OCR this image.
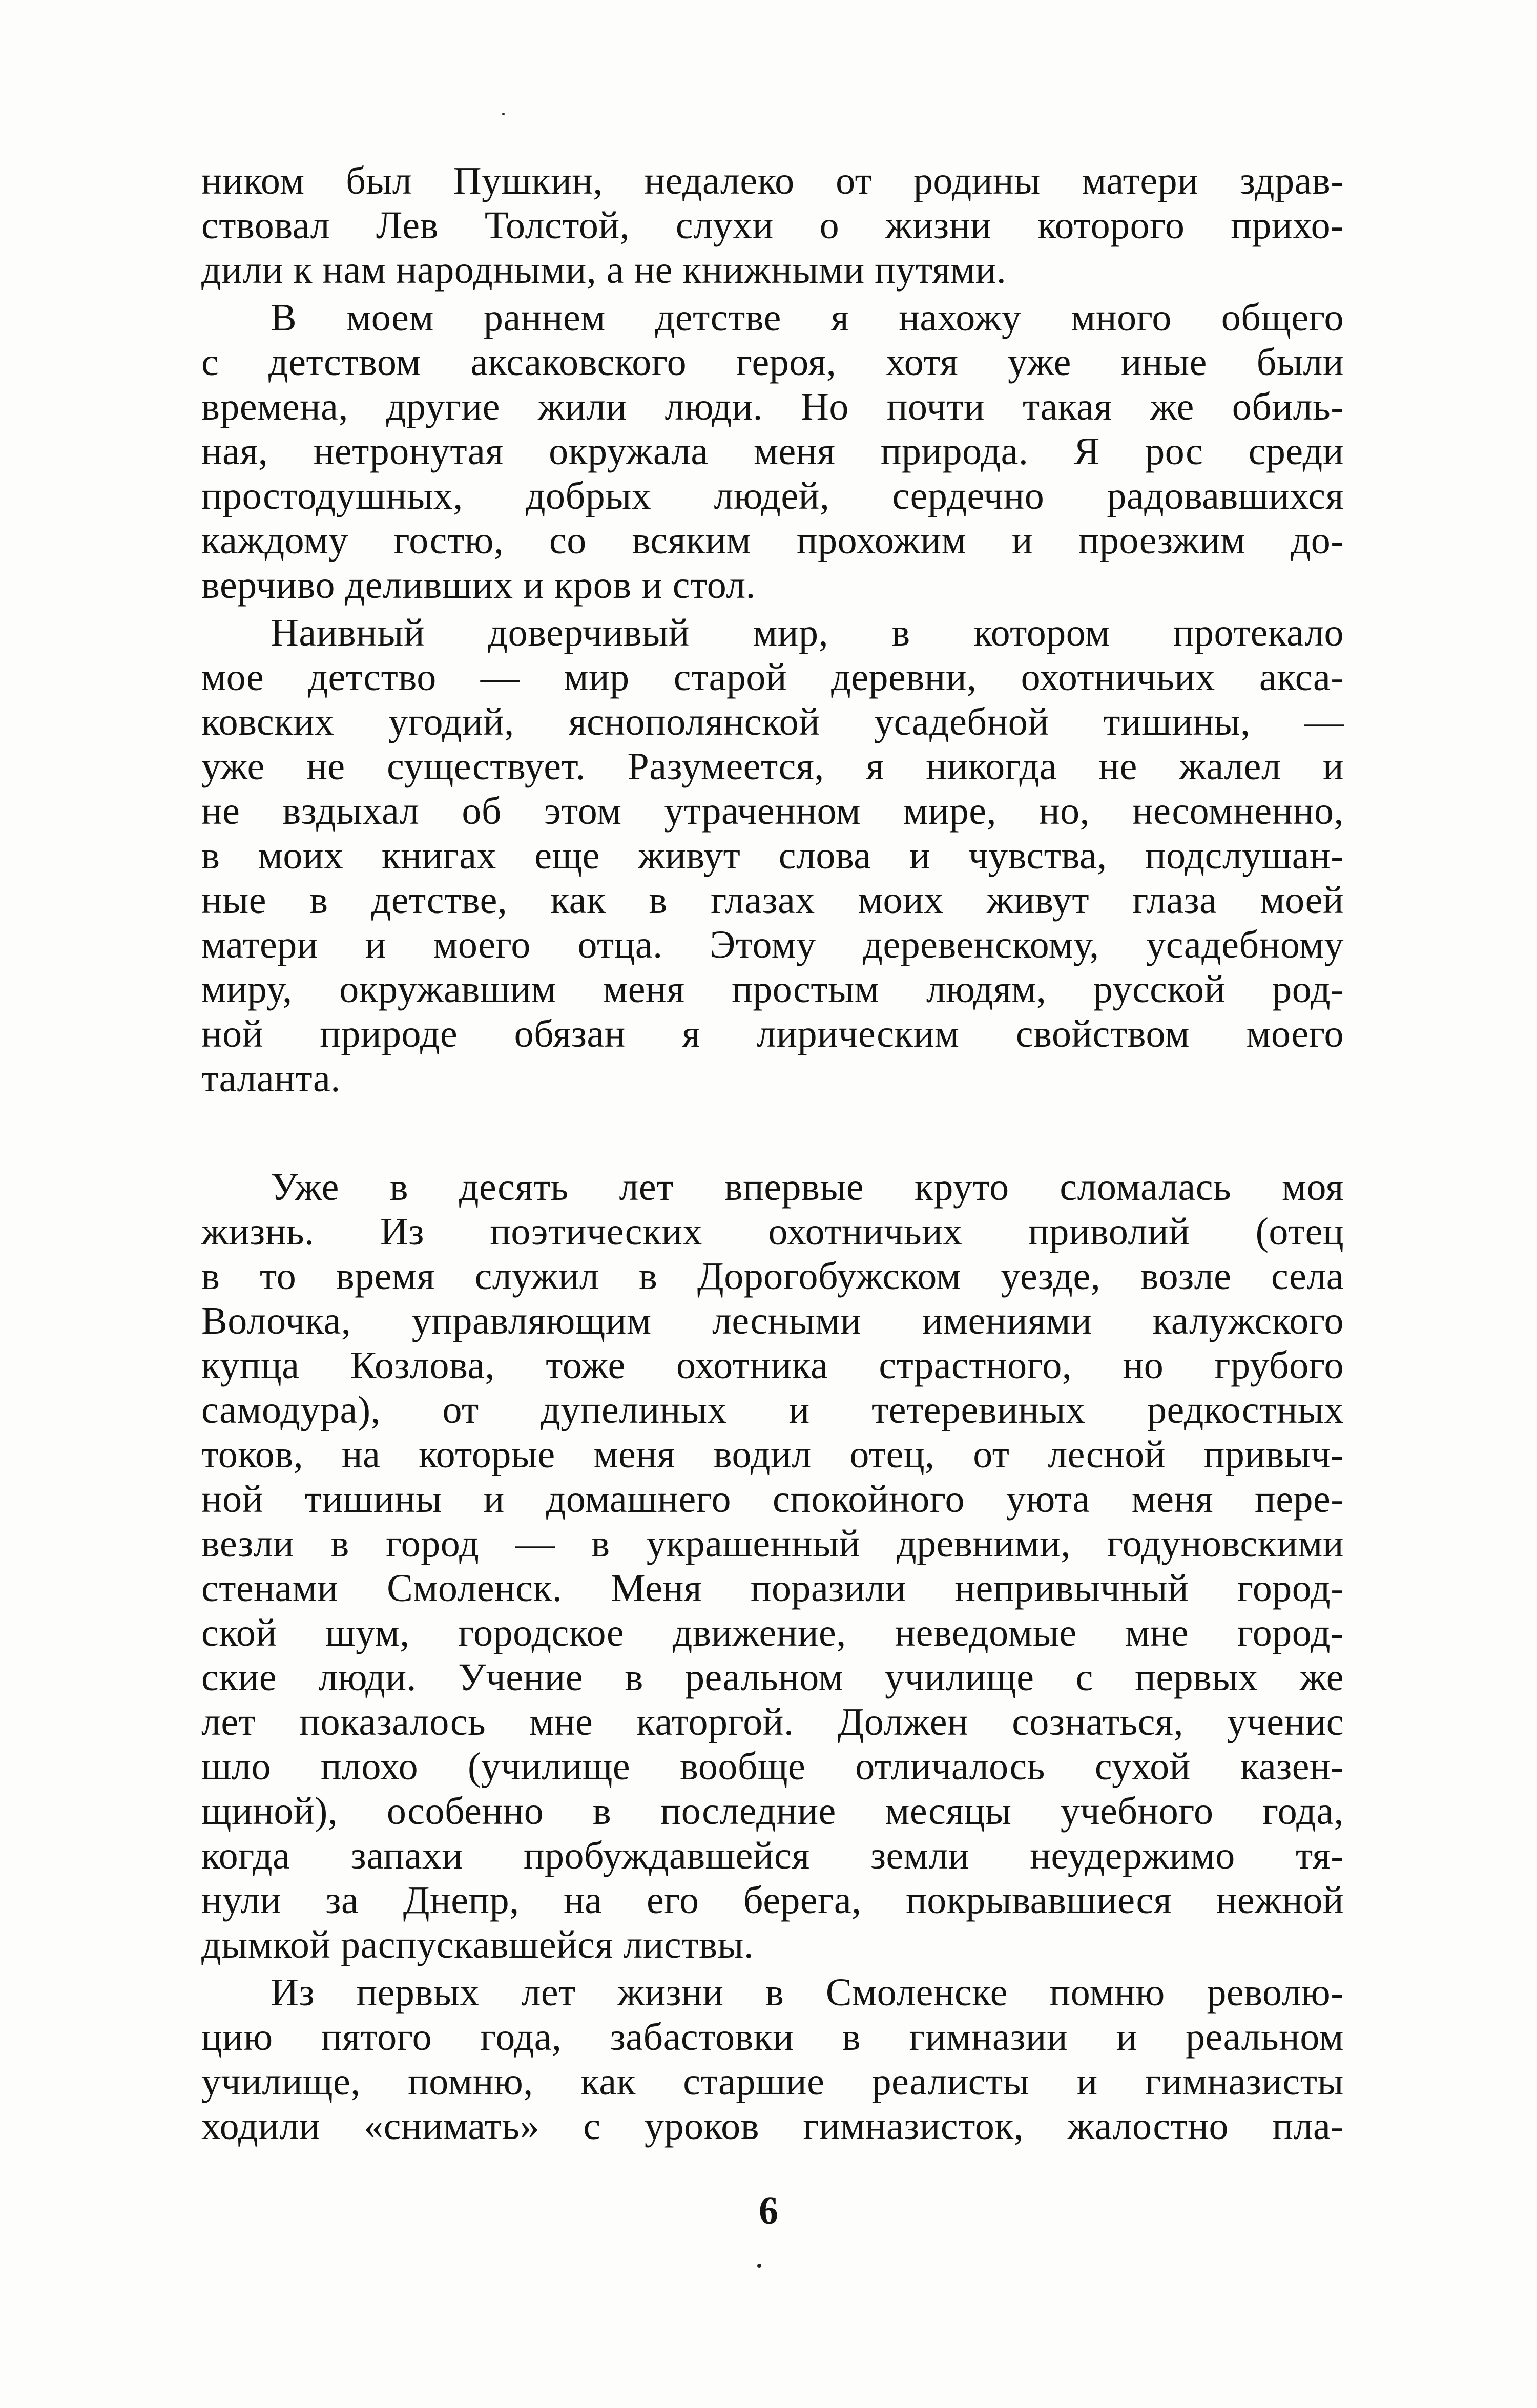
ником был Пушкин, недалеко от родины матери здрав-
ствовал Лев Толстой, слухи о жизни которого прихо-
дили к нам народными, а не книжными путями.
В моем раннем детстве я нахожу много общего
с детством аксаковского героя, хотя уже иные были
времена, другие жили люди. Но почти такая же обиль-
ная, нетронутая окружала меня природа. Я рос среди
простодушных, добрых людей, сердечно радовавшихся
каждому гостю, со всяким прохожим и проезжим до-
верчиво деливших и кров и стол.
Наивный доверчивый мир, в котором протекало
мое детство — мир старой деревни, охотничьих акса-
ковских угодий, яснополянской усадебной тишины, —
уже не существует. Разумеется, я никогда не жалел и
не вздыхал об этом утраченном мире, но, несомненно,
в моих книгах еще живут слова и чувства, подслушан-
ные в детстве, как в глазах моих живут глаза моей
матери и моего отца. Этому деревенскому, усадебному
миру, окружавшим меня простым людям, русской род-
ной природе обязан я лирическим свойством моего
таланта.
Уже в десять лет впервые круто сломалась моя
жизнь. Из поэтических охотничьих приволий (отец
в то время служил в Дорогобужском уезде, возле села
Волочка, управляющим лесными имениями калужского
купца Козлова, тоже охотника страстного, но грубого
самодура), от дупелиных и тетеревиных редкостных
токов, на которые меня водил отец, от лесной привыч-
ной тишины и домашнего спокойного уюта меня пере-
везли в город — в украшенный древними, годуновскими
стенами Смоленск. Меня поразили непривычный город-
ской шум, городское движение, неведомые мне город-
ские люди. Учение в реальном училище с первых же
лет показалось мне каторгой. Должен сознаться, ученис
шло плохо (училище вообще отличалось сухой казен-
щиной), особенно в последние месяцы учебного года,
когда запахи пробуждавшейся земли неудержимо тя-
нули за Днепр, на его берега, покрывавшиеся нежной
дымкой распускавшейся листвы.
Из первых лет жизни в Смоленске помню револю-
цию пятого года, забастовки в гимназии и реальном
училище, помню, как старшие реалисты и гимназисты
ходили «снимать» с уроков гимназисток, жалостно пла-
6
